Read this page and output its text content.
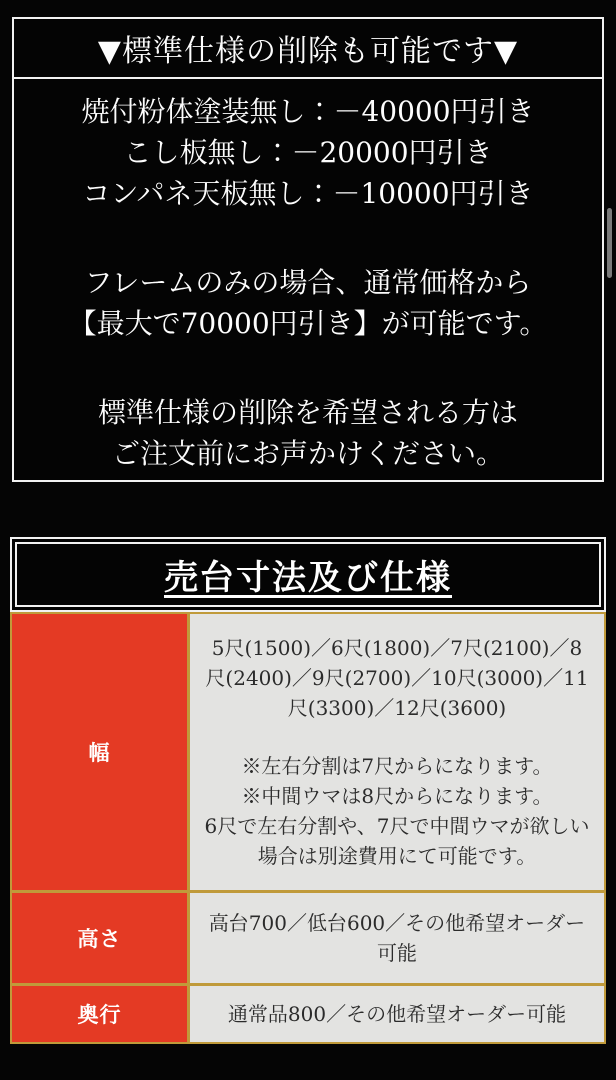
▼標準仕様の削除も可能です▼

焼付粉体塗装無し：－40000円引き
こし板無し：－20000円引き
コンパネ天板無し：－10000円引き

フレームのみの場合、通常価格から
【最大で70000円引き】が可能です。

標準仕様の削除を希望される方は
ご注文前にお声かけください。

売台寸法及び仕様
幅

5尺(1500)／6尺(1800)／7尺(2100)／8尺(2400)／9尺(2700)／10尺(3000)／11尺(3300)／12尺(3600)

※左右分割は7尺からになります。
※中間ウマは8尺からになります。
6尺で左右分割や、7尺で中間ウマが欲しい場合は別途費用にて可能です。
高さ

高台700／低台600／その他希望オーダー可能

奥行	通常品800／その他希望オーダー可能
